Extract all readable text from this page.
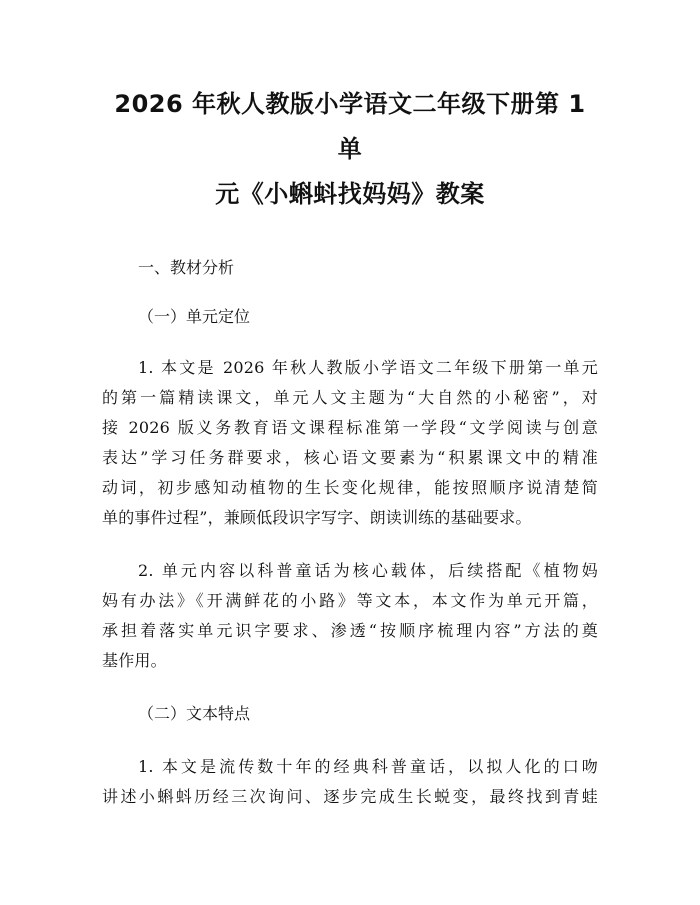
2026 年秋人教版小学语文二年级下册第 1 单
元《小蝌蚪找妈妈》教案

一、教材分析

（一）单元定位

1. 本文是 2026 年秋人教版小学语文二年级下册第一单元
的第一篇精读课文，单元人文主题为“大自然的小秘密”，对
接 2026 版义务教育语文课程标准第一学段“文学阅读与创意
表达”学习任务群要求，核心语文要素为“积累课文中的精准
动词，初步感知动植物的生长变化规律，能按照顺序说清楚简
单的事件过程”，兼顾低段识字写字、朗读训练的基础要求。
2. 单元内容以科普童话为核心载体，后续搭配《植物妈
妈有办法》《开满鲜花的小路》等文本，本文作为单元开篇，
承担着落实单元识字要求、渗透“按顺序梳理内容”方法的奠
基作用。

（二）文本特点

1. 本文是流传数十年的经典科普童话，以拟人化的口吻
讲述小蝌蚪历经三次询问、逐步完成生长蜕变，最终找到青蛙
